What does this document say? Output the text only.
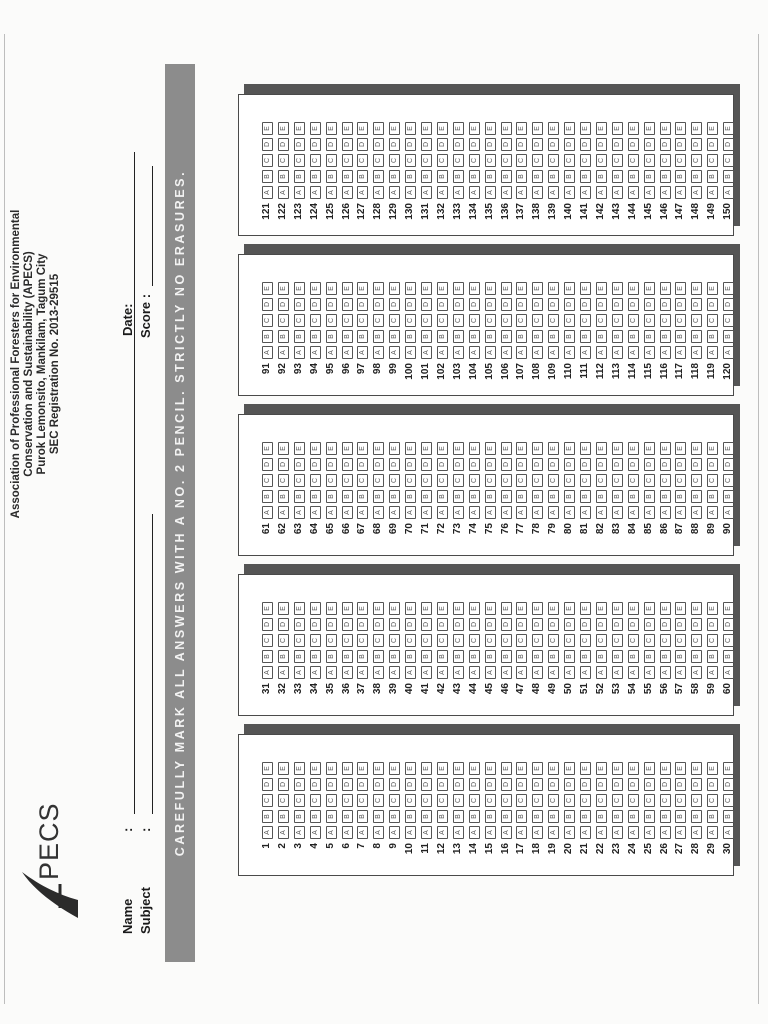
PECS
Association of Professional Foresters for Environmental Conservation and Sustainability (APECS) Purok Lemonsito, Mankilam, Tagum City SEC Registration No. 2013-29515
Name
:
Subject
:
Date: Score : CAREFULLY MARK ALL ANSWERS WITH A NO. 2 PENCIL. STRICTLY NO ERASURES.	1
A
B
C
D
E
2
A
B
C
D
E
3
A
B
C
D
E
4
A
B
C
D
E
5
A
B
C
D
E
6
A
B
C
D
E
7
A
B
C
D
E
8
A
B
C
D
E
9
A
B
C
D
E
10
A
B
C
D
E
11
A
B
C
D
E
12
A
B
C
D
E
13
A
B
C
D
E
14
A
B
C
D
E
15
A
B
C
D
E
16
A
B
C
D
E
17
A
B
C
D
E
18
A
B
C
D
E
19
A
B
C
D
E
20
A
B
C
D
E
21
A
B
C
D
E
22
A
B
C
D
E
23
A
B
C
D
E
24
A
B
C
D
E
25
A
B
C
D
E
26
A
B
C
D
E
27
A
B
C
D
E
28
A
B
C
D
E
29
A
B
C
D
E
30
A
B
C
D
E
31
A
B
C
D
E
32
A
B
C
D
E
33
A
B
C
D
E
34
A
B
C
D
E
35
A
B
C
D
E
36
A
B
C
D
E
37
A
B
C
D
E
38
A
B
C
D
E
39
A
B
C
D
E
40
A
B
C
D
E
41
A
B
C
D
E
42
A
B
C
D
E
43
A
B
C
D
E
44
A
B
C
D
E
45
A
B
C
D
E
46
A
B
C
D
E
47
A
B
C
D
E
48
A
B
C
D
E
49
A
B
C
D
E
50
A
B
C
D
E
51
A
B
C
D
E
52
A
B
C
D
E
53
A
B
C
D
E
54
A
B
C
D
E
55
A
B
C
D
E
56
A
B
C
D
E
57
A
B
C
D
E
58
A
B
C
D
E
59
A
B
C
D
E
60
A
B
C
D
E
61
A
B
C
D
E
62
A
B
C
D
E
63
A
B
C
D
E
64
A
B
C
D
E
65
A
B
C
D
E
66
A
B
C
D
E
67
A
B
C
D
E
68
A
B
C
D
E
69
A
B
C
D
E
70
A
B
C
D
E
71
A
B
C
D
E
72
A
B
C
D
E
73
A
B
C
D
E
74
A
B
C
D
E
75
A
B
C
D
E
76
A
B
C
D
E
77
A
B
C
D
E
78
A
B
C
D
E
79
A
B
C
D
E
80
A
B
C
D
E
81
A
B
C
D
E
82
A
B
C
D
E
83
A
B
C
D
E
84
A
B
C
D
E
85
A
B
C
D
E
86
A
B
C
D
E
87
A
B
C
D
E
88
A
B
C
D
E
89
A
B
C
D
E
90
A
B
C
D
E
91
A
B
C
D
E
92
A
B
C
D
E
93
A
B
C
D
E
94
A
B
C
D
E
95
A
B
C
D
E
96
A
B
C
D
E
97
A
B
C
D
E
98
A
B
C
D
E
99
A
B
C
D
E
100
A
B
C
D
E
101
A
B
C
D
E
102
A
B
C
D
E
103
A
B
C
D
E
104
A
B
C
D
E
105
A
B
C
D
E
106
A
B
C
D
E
107
A
B
C
D
E
108
A
B
C
D
E
109
A
B
C
D
E
110
A
B
C
D
E
111
A
B
C
D
E
112
A
B
C
D
E
113
A
B
C
D
E
114
A
B
C
D
E
115
A
B
C
D
E
116
A
B
C
D
E
117
A
B
C
D
E
118
A
B
C
D
E
119
A
B
C
D
E
120
A
B
C
D
E
121
A
B
C
D
E
122
A
B
C
D
E
123
A
B
C
D
E
124
A
B
C
D
E
125
A
B
C
D
E
126
A
B
C
D
E
127
A
B
C
D
E
128
A
B
C
D
E
129
A
B
C
D
E
130
A
B
C
D
E
131
A
B
C
D
E
132
A
B
C
D
E
133
A
B
C
D
E
134
A
B
C
D
E
135
A
B
C
D
E
136
A
B
C
D
E
137
A
B
C
D
E
138
A
B
C
D
E
139
A
B
C
D
E
140
A
B
C
D
E
141
A
B
C
D
E
142
A
B
C
D
E
143
A
B
C
D
E
144
A
B
C
D
E
145
A
B
C
D
E
146
A
B
C
D
E
147
A
B
C
D
E
148
A
B
C
D
E
149
A
B
C
D
E
150
A
B
C
D
E
